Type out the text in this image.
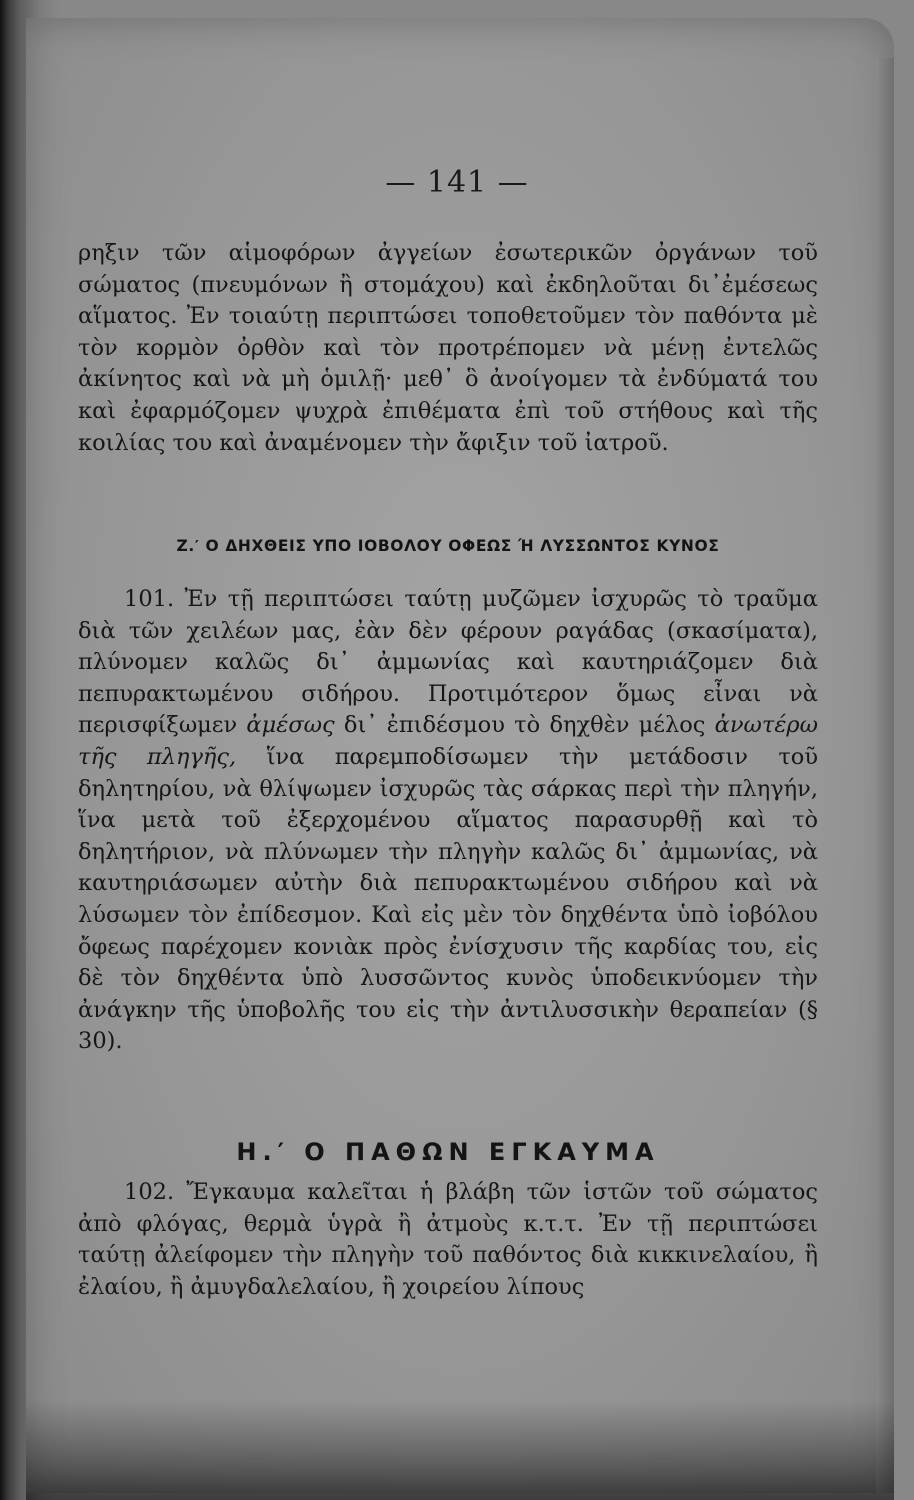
— 141 —
ρηξιν τῶν αἱμοφόρων ἀγγείων ἐσωτερικῶν ὀργάνων τοῦ σώματος (πνευμόνων ἢ στομάχου) καὶ ἐκδηλοῦται δι᾽ἐμέσεως αἵματος. Ἐν τοιαύτῃ περιπτώσει τοποθετοῦμεν τὸν παθόντα μὲ τὸν κορμὸν ὀρθὸν καὶ τὸν προτρέπομεν νὰ μένῃ ἐντελῶς ἀκίνητος καὶ νὰ μὴ ὁμιλῇ· μεθ᾽ ὃ ἀνοίγομεν τὰ ἐνδύματά του καὶ ἐφαρμόζομεν ψυχρὰ ἐπιθέματα ἐπὶ τοῦ στήθους καὶ τῆς κοιλίας του καὶ ἀναμένομεν τὴν ἄφιξιν τοῦ ἰατροῦ.
Ζ.′ Ο ΔΗΧΘΕΙΣ ΥΠΟ ΙΟΒΟΛΟΥ ΟΦΕΩΣ Ή ΛΥΣΣΩΝΤΟΣ ΚΥΝΟΣ
101. Ἐν τῇ περιπτώσει ταύτῃ μυζῶμεν ἰσχυρῶς τὸ τραῦμα διὰ τῶν χειλέων μας, ἐὰν δὲν φέρουν ραγάδας (σκασίματα), πλύνομεν καλῶς δι᾽ ἀμμωνίας καὶ καυτηριάζομεν διὰ πεπυρακτωμένου σιδήρου. Προτιμότερον ὅμως εἶναι νὰ περισφίξωμεν ἀμέσως δι᾽ ἐπιδέσμου τὸ δηχθὲν μέλος ἀνωτέρω τῆς πληγῆς, ἵνα παρεμποδίσωμεν τὴν μετάδοσιν τοῦ δηλητηρίου, νὰ θλίψωμεν ἰσχυρῶς τὰς σάρκας περὶ τὴν πληγήν, ἵνα μετὰ τοῦ ἐξερχομένου αἵματος παρασυρθῇ καὶ τὸ δηλητήριον, νὰ πλύνωμεν τὴν πληγὴν καλῶς δι᾽ ἀμμωνίας, νὰ καυτηριάσωμεν αὐτὴν διὰ πεπυρακτωμένου σιδήρου καὶ νὰ λύσωμεν τὸν ἐπίδεσμον. Καὶ εἰς μὲν τὸν δηχθέντα ὑπὸ ἰοβόλου ὄφεως παρέχομεν κονιὰκ πρὸς ἐνίσχυσιν τῆς καρδίας του, εἰς δὲ τὸν δηχθέντα ὑπὸ λυσσῶντος κυνὸς ὑποδεικνύομεν τὴν ἀνάγκην τῆς ὑποβολῆς του εἰς τὴν ἀντιλυσσικὴν θεραπείαν (§ 30).
Η.′ Ο ΠΑΘΩΝ ΕΓΚΑΥΜΑ
102. Ἔγκαυμα καλεῖται ἡ βλάβη τῶν ἱστῶν τοῦ σώματος ἀπὸ φλόγας, θερμὰ ὑγρὰ ἢ ἀτμοὺς κ.τ.τ. Ἐν τῇ περιπτώσει ταύτῃ ἀλείφομεν τὴν πληγὴν τοῦ παθόντος διὰ κικκινελαίου, ἢ ἐλαίου, ἢ ἀμυγδαλελαίου, ἢ χοιρείου λίπους
